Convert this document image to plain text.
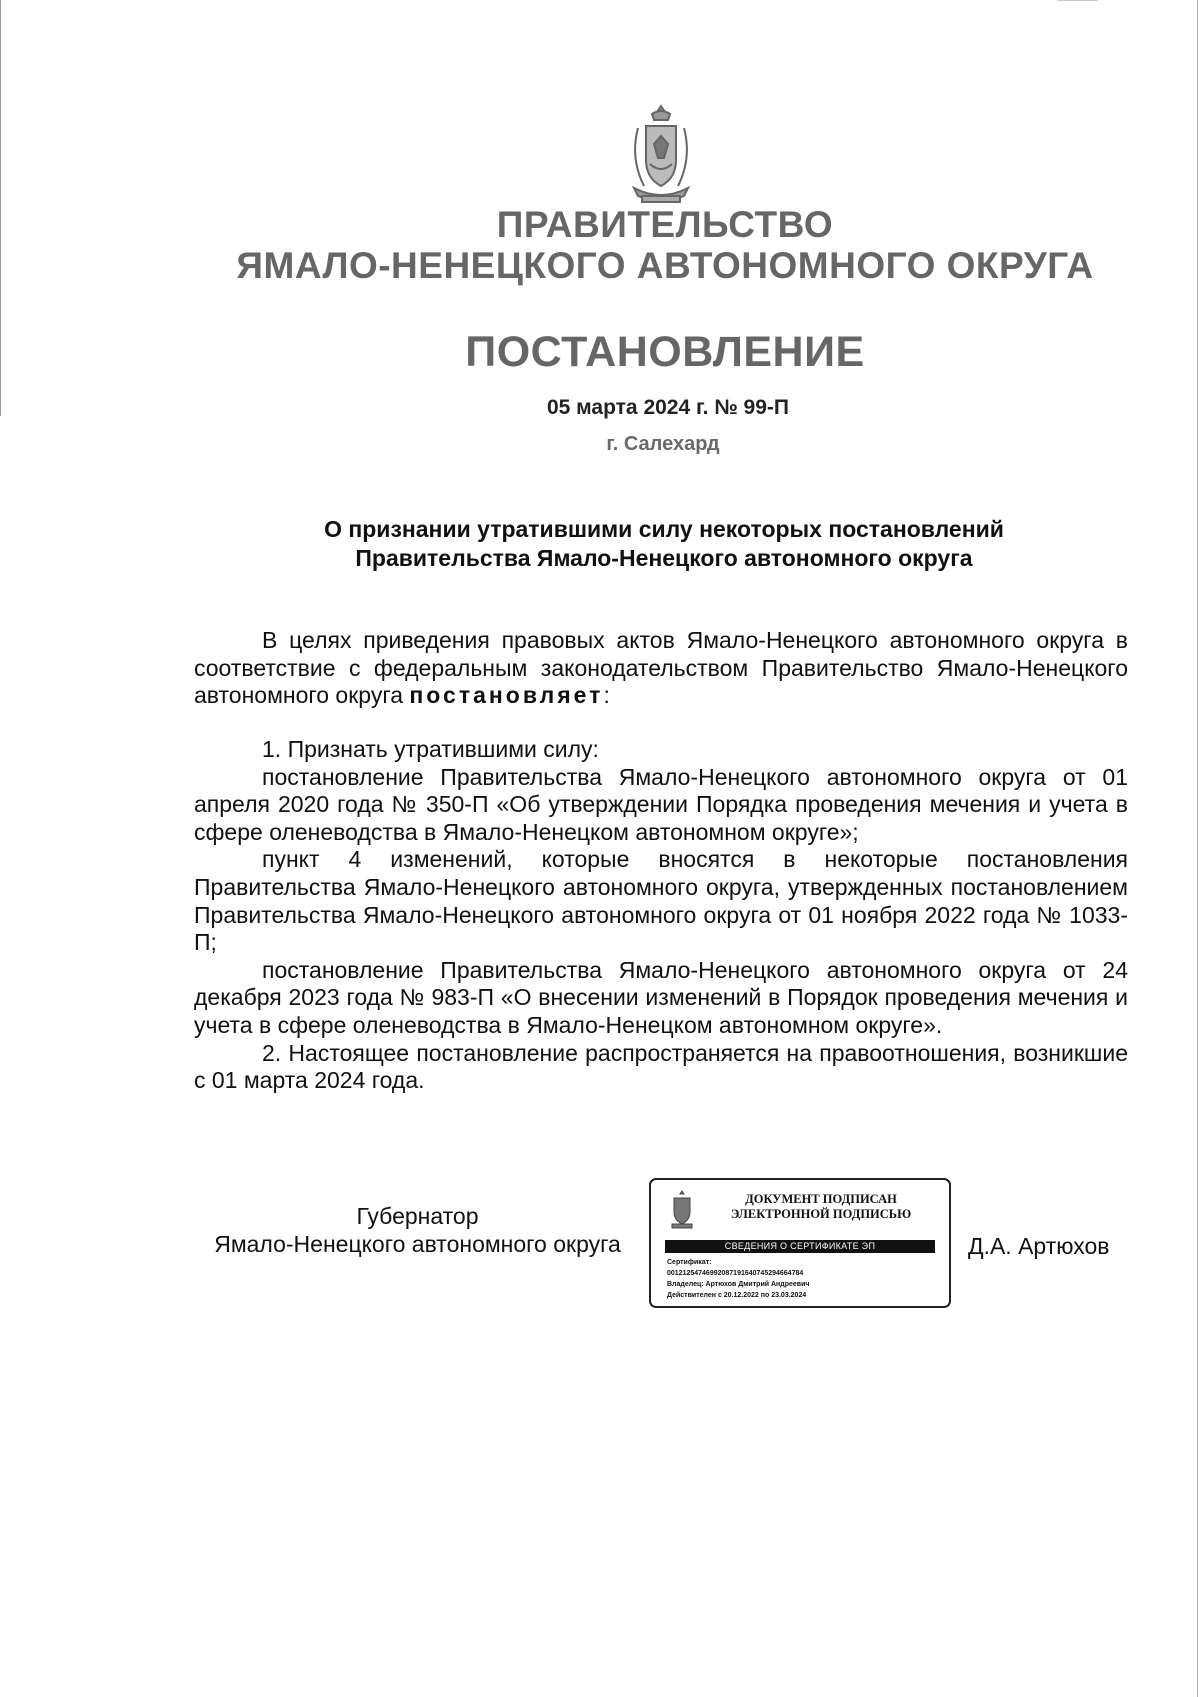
ПРАВИТЕЛЬСТВО
ЯМАЛО-НЕНЕЦКОГО АВТОНОМНОГО ОКРУГА
ПОСТАНОВЛЕНИЕ
05 марта 2024 г. № 99-П
г. Салехард
О признании утратившими силу некоторых постановлений
Правительства Ямало-Ненецкого автономного округа

В целях приведения правовых актов Ямало-Ненецкого автономного округа в соответствие с федеральным законодательством Правительство Ямало-Ненецкого автономного округа постановляет:

1. Признать утратившими силу:

постановление Правительства Ямало-Ненецкого автономного округа от 01 апреля 2020 года № 350-П «Об утверждении Порядка проведения мечения и учета в сфере оленеводства в Ямало-Ненецком автономном округе»;

пункт 4 изменений, которые вносятся в некоторые постановления Правительства Ямало-Ненецкого автономного округа, утвержденных постановлением Правительства Ямало-Ненецкого автономного округа от 01 ноября 2022 года № 1033-П;

постановление Правительства Ямало-Ненецкого автономного округа от 24 декабря 2023 года № 983-П «О внесении изменений в Порядок проведения мечения и учета в сфере оленеводства в Ямало-Ненецком автономном округе».

2. Настоящее постановление распространяется на правоотношения, возникшие с 01 марта 2024 года.

Губернатор
Ямало-Ненецкого автономного округа
ДОКУМЕНТ ПОДПИСАН
ЭЛЕКТРОННОЙ ПОДПИСЬЮ
СВЕДЕНИЯ О СЕРТИФИКАТЕ ЭП
Сертификат:
00121254746992087191640745294664784
Владелец: Артюхов Дмитрий Андреевич
Действителен с 20.12.2022 по 23.03.2024
Д.А. Артюхов
